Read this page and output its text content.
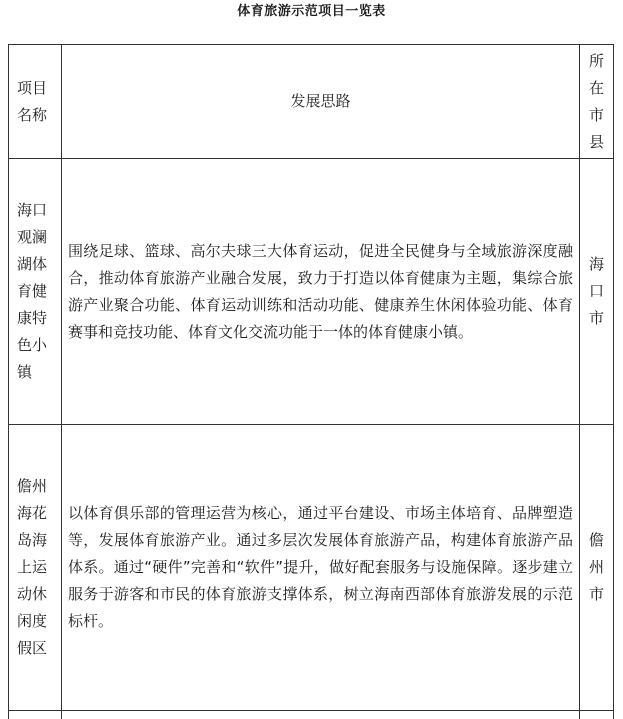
体育旅游示范项目一览表
项目名称	发展思路	所在市县

海口观澜湖体育健康特色小镇	围绕足球、篮球、高尔夫球三大体育运动，促进全民健身与全域旅游深度融合，推动体育旅游产业融合发展，致力于打造以体育健康为主题，集综合旅游产业聚合功能、体育运动训练和活动功能、健康养生休闲体验功能、体育赛事和竞技功能、体育文化交流功能于一体的体育健康小镇。	海口市

儋州海花岛海上运动休闲度假区	以体育俱乐部的管理运营为核心，通过平台建设、市场主体培育、品牌塑造等，发展体育旅游产业。通过多层次发展体育旅游产品，构建体育旅游产品体系。通过“硬件”完善和“软件”提升，做好配套服务与设施保障。逐步建立服务于游客和市民的体育旅游支撑体系，树立海南西部体育旅游发展的示范标杆。	儋州市
